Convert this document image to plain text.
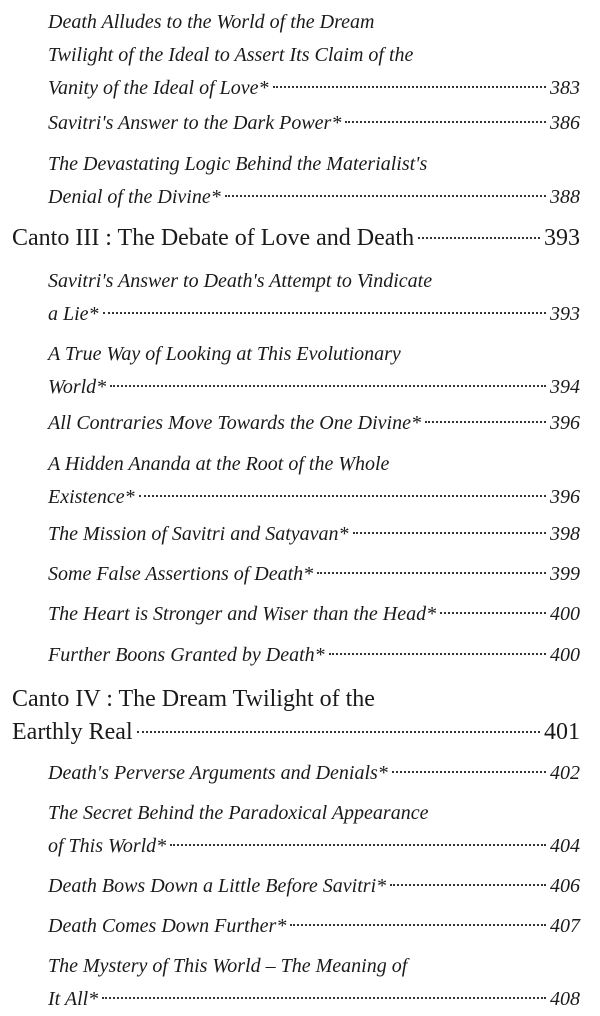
Death Alludes to the World of the Dream
Twilight of the Ideal to Assert Its Claim of the
Vanity of the Ideal of Love*	383
Savitri's Answer to the Dark Power*	386
The Devastating Logic Behind the Materialist's
Denial of the Divine*	388
Canto III : The Debate of Love and Death	393
Savitri's Answer to Death's Attempt to Vindicate
a Lie*	393
A True Way of Looking at This Evolutionary
World*	394
All Contraries Move Towards the One Divine*	396
A Hidden Ananda at the Root of the Whole
Existence*	396
The Mission of Savitri and Satyavan*	398
Some False Assertions of Death*	399
The Heart is Stronger and Wiser than the Head*	400
Further Boons Granted by Death*	400
Canto IV : The Dream Twilight of the
Earthly Real	401
Death's Perverse Arguments and Denials*	402
The Secret Behind the Paradoxical Appearance
of This World*	404
Death Bows Down a Little Before Savitri*	406
Death Comes Down Further*	407
The Mystery of This World – The Meaning of
It All*	408
